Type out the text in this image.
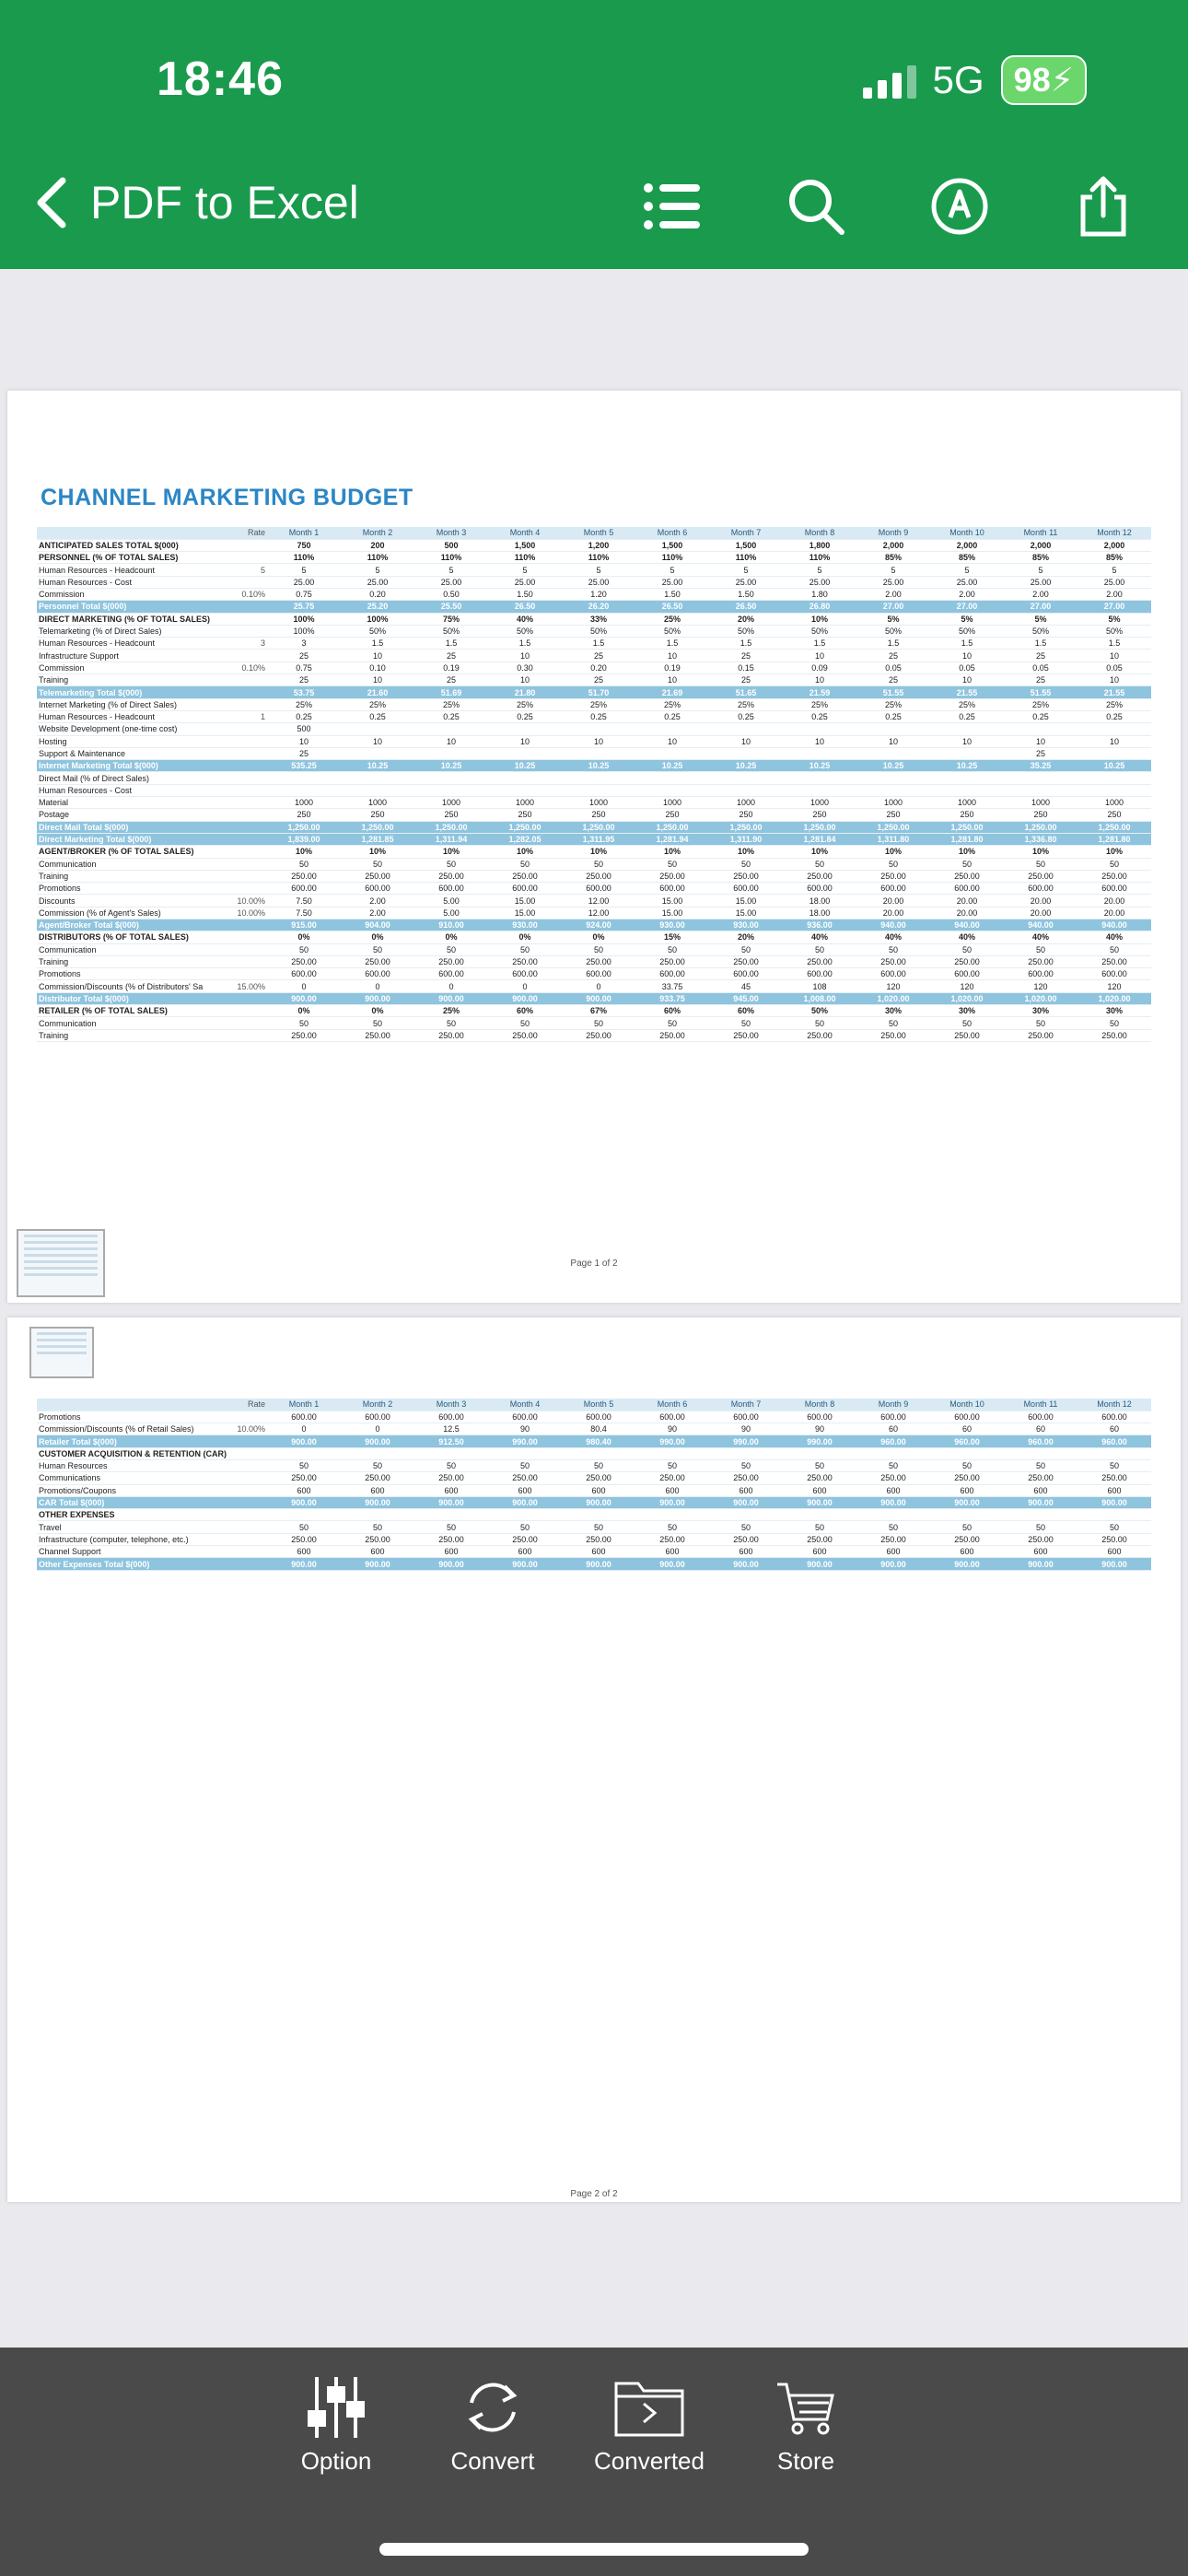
18:46	5G 98⚡
PDF to Excel
CHANNEL MARKETING BUDGET
	Rate	Month 1	Month 2	Month 3	Month 4	Month 5	Month 6	Month 7	Month 8	Month 9	Month 10	Month 11	Month 12
ANTICIPATED SALES TOTAL $(000)		750	200	500	1,500	1,200	1,500	1,500	1,800	2,000	2,000	2,000	2,000
PERSONNEL (% OF TOTAL SALES)		110%	110%	110%	110%	110%	110%	110%	110%	85%	85%	85%	85%
Human Resources - Headcount	5	5	5	5	5	5	5	5	5	5	5	5	5
Human Resources - Cost		25.00	25.00	25.00	25.00	25.00	25.00	25.00	25.00	25.00	25.00	25.00	25.00
Commission	0.10%	0.75	0.20	0.50	1.50	1.20	1.50	1.50	1.80	2.00	2.00	2.00	2.00
Personnel Total $(000)		25.75	25.20	25.50	26.50	26.20	26.50	26.50	26.80	27.00	27.00	27.00	27.00
DIRECT MARKETING (% OF TOTAL SALES)		100%	100%	75%	40%	33%	25%	20%	10%	5%	5%	5%	5%
Telemarketing (% of Direct Sales)		100%	50%	50%	50%	50%	50%	50%	50%	50%	50%	50%	50%
Human Resources - Headcount	3	3	1.5	1.5	1.5	1.5	1.5	1.5	1.5	1.5	1.5	1.5	1.5
Infrastructure Support		25	10	25	10	25	10	25	10	25	10	25	10
Commission	0.10%	0.75	0.10	0.19	0.30	0.20	0.19	0.15	0.09	0.05	0.05	0.05	0.05
Training		25	10	25	10	25	10	25	10	25	10	25	10
Telemarketing Total $(000)		53.75	21.60	51.69	21.80	51.70	21.69	51.65	21.59	51.55	21.55	51.55	21.55
Internet Marketing (% of Direct Sales)		25%	25%	25%	25%	25%	25%	25%	25%	25%	25%	25%	25%
Human Resources - Headcount	1	0.25	0.25	0.25	0.25	0.25	0.25	0.25	0.25	0.25	0.25	0.25	0.25
Website Development (one-time cost)		500											
Hosting		10	10	10	10	10	10	10	10	10	10	10	10
Support & Maintenance		25										25	
Internet Marketing Total $(000)		535.25	10.25	10.25	10.25	10.25	10.25	10.25	10.25	10.25	10.25	35.25	10.25
Direct Mail (% of Direct Sales)													
Human Resources - Cost													
Material		1000	1000	1000	1000	1000	1000	1000	1000	1000	1000	1000	1000
Postage		250	250	250	250	250	250	250	250	250	250	250	250
Direct Mail Total $(000)		1,250.00	1,250.00	1,250.00	1,250.00	1,250.00	1,250.00	1,250.00	1,250.00	1,250.00	1,250.00	1,250.00	1,250.00
Direct Marketing Total $(000)		1,839.00	1,281.85	1,311.94	1,282.05	1,311.95	1,281.94	1,311.90	1,281.84	1,311.80	1,281.80	1,336.80	1,281.80
AGENT/BROKER (% OF TOTAL SALES)		10%	10%	10%	10%	10%	10%	10%	10%	10%	10%	10%	10%
Communication		50	50	50	50	50	50	50	50	50	50	50	50
Training		250.00	250.00	250.00	250.00	250.00	250.00	250.00	250.00	250.00	250.00	250.00	250.00
Promotions		600.00	600.00	600.00	600.00	600.00	600.00	600.00	600.00	600.00	600.00	600.00	600.00
Discounts	10.00%	7.50	2.00	5.00	15.00	12.00	15.00	15.00	18.00	20.00	20.00	20.00	20.00
Commission (% of Agent's Sales)	10.00%	7.50	2.00	5.00	15.00	12.00	15.00	15.00	18.00	20.00	20.00	20.00	20.00
Agent/Broker Total $(000)		915.00	904.00	910.00	930.00	924.00	930.00	930.00	936.00	940.00	940.00	940.00	940.00
DISTRIBUTORS (% OF TOTAL SALES)		0%	0%	0%	0%	0%	15%	20%	40%	40%	40%	40%	40%
Communication		50	50	50	50	50	50	50	50	50	50	50	50
Training		250.00	250.00	250.00	250.00	250.00	250.00	250.00	250.00	250.00	250.00	250.00	250.00
Promotions		600.00	600.00	600.00	600.00	600.00	600.00	600.00	600.00	600.00	600.00	600.00	600.00
Commission/Discounts (% of Distributors' Sa	15.00%	0	0	0	0	0	33.75	45	108	120	120	120	120
Distributor Total $(000)		900.00	900.00	900.00	900.00	900.00	933.75	945.00	1,008.00	1,020.00	1,020.00	1,020.00	1,020.00
RETAILER (% OF TOTAL SALES)		0%	0%	25%	60%	67%	60%	60%	50%	30%	30%	30%	30%
Communication		50	50	50	50	50	50	50	50	50	50	50	50
Training		250.00	250.00	250.00	250.00	250.00	250.00	250.00	250.00	250.00	250.00	250.00	250.00
Page 1 of 2
	Rate	Month 1	Month 2	Month 3	Month 4	Month 5	Month 6	Month 7	Month 8	Month 9	Month 10	Month 11	Month 12
Promotions		600.00	600.00	600.00	600.00	600.00	600.00	600.00	600.00	600.00	600.00	600.00	600.00
Commission/Discounts (% of Retail Sales)	10.00%	0	0	12.5	90	80.4	90	90	90	60	60	60	60
Retailer Total $(000)		900.00	900.00	912.50	990.00	980.40	990.00	990.00	990.00	960.00	960.00	960.00	960.00
CUSTOMER ACQUISITION & RETENTION (CAR)													
Human Resources		50	50	50	50	50	50	50	50	50	50	50	50
Communications		250.00	250.00	250.00	250.00	250.00	250.00	250.00	250.00	250.00	250.00	250.00	250.00
Promotions/Coupons		600	600	600	600	600	600	600	600	600	600	600	600
CAR Total $(000)		900.00	900.00	900.00	900.00	900.00	900.00	900.00	900.00	900.00	900.00	900.00	900.00
OTHER EXPENSES													
Travel		50	50	50	50	50	50	50	50	50	50	50	50
Infrastructure (computer, telephone, etc.)		250.00	250.00	250.00	250.00	250.00	250.00	250.00	250.00	250.00	250.00	250.00	250.00
Channel Support		600	600	600	600	600	600	600	600	600	600	600	600
Other Expenses Total $(000)		900.00	900.00	900.00	900.00	900.00	900.00	900.00	900.00	900.00	900.00	900.00	900.00
Page 2 of 2
Option	Convert Converted	Store
